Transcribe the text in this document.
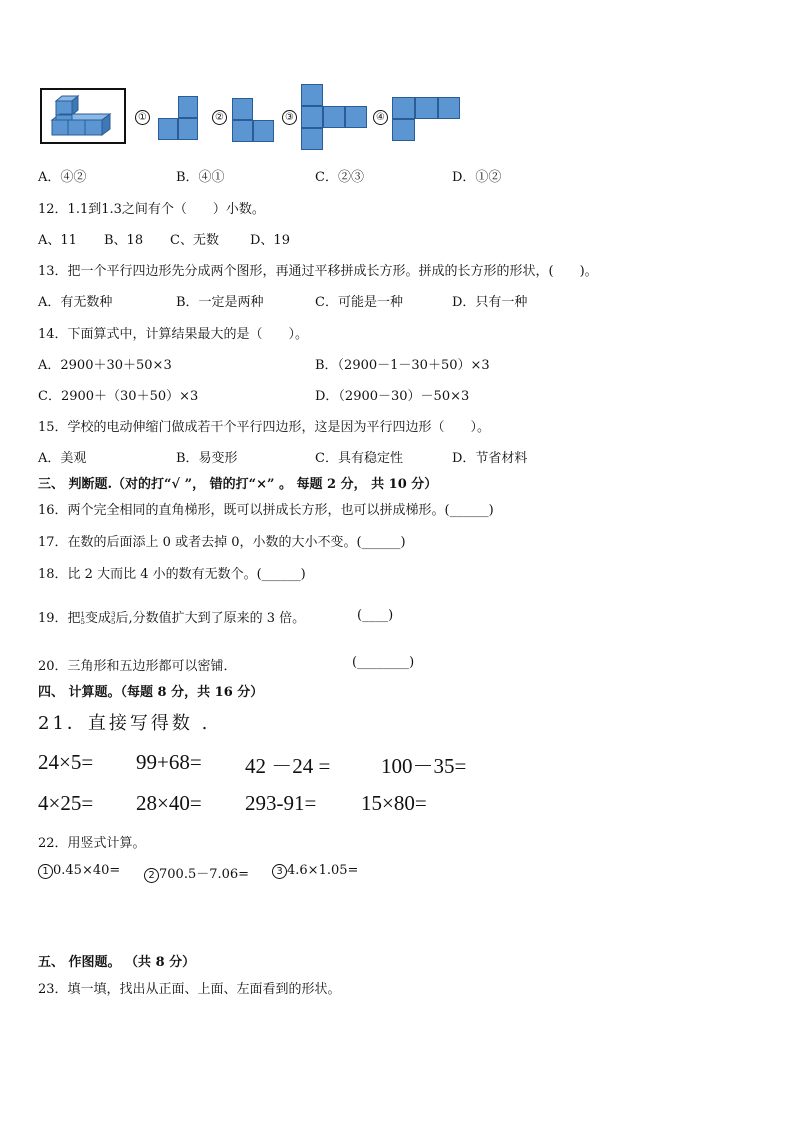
①	②	③	④
A．④②	B．④①	C．②③	D．①②
12．1.1到1.3之间有个（　　）小数。
A、11 B、18 C、无数 D、19
13．把一个平行四边形先分成两个图形，再通过平移拼成长方形。拼成的长方形的形状，(　　)。
A．有无数种	B．一定是两种	C．可能是一种	D．只有一种
14．下面算式中，计算结果最大的是（　　）。
A．2900＋30＋50×3	B．（2900－1－30＋50）×3
C．2900＋（30＋50）×3	D．（2900－30）－50×3
15．学校的电动伸缩门做成若干个平行四边形，这是因为平行四边形（　　）。
A．美观	B．易变形	C．具有稳定性	D．节省材料
三、 判断题.（对的打“√ ”， 错的打“×” 。 每题 2 分， 共 10 分）
16．两个完全相同的直角梯形，既可以拼成长方形，也可以拼成梯形。(______)
17．在数的后面添上 0 或者去掉 0，小数的大小不变。(______)
18．比 2 大而比 4 小的数有无数个。(______)
19．把1
5变成3
5后,分数值扩大到了原来的 3 倍。	(____)
20．三角形和五边形都可以密铺．	(________)
四、 计算题。（每题 8 分，共 16 分）
21．直接写得数 .
24×5= 99+68= 42 －24 = 100－35=
4×25= 28×40= 293-91= 15×80=
22．用竖式计算。
1 0.45×40=	2 700.5－7.06=	3 4.6×1.05=
五、 作图题。 （共 8 分）
23．填一填，找出从正面、上面、左面看到的形状。
